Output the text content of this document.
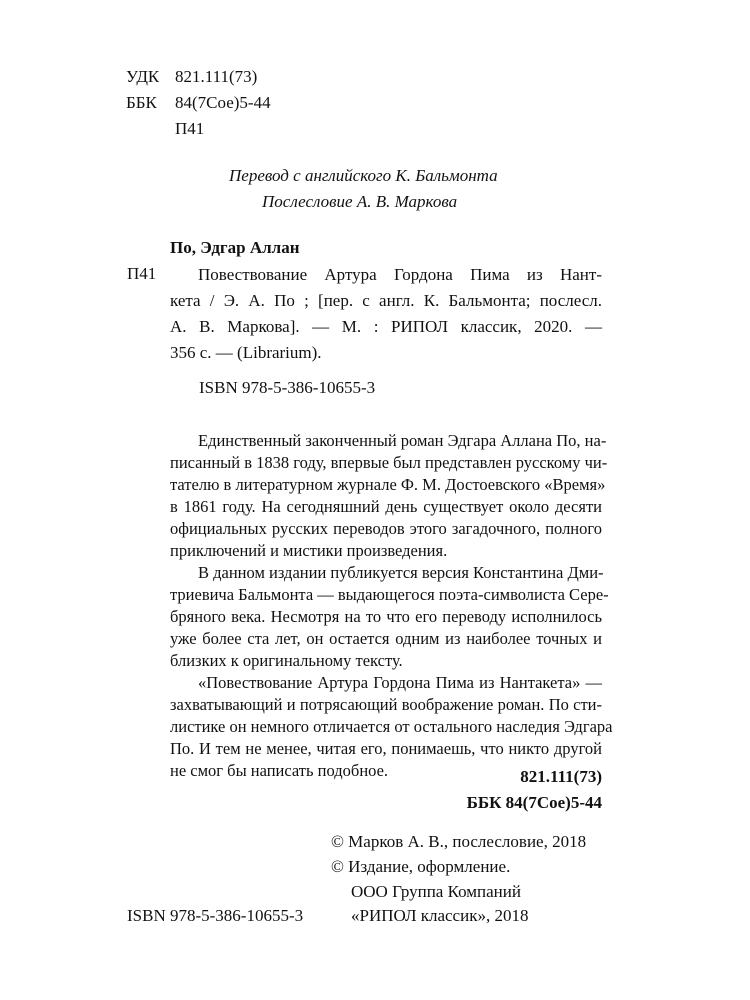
УДК 821.111(73)
ББК 84(7Сое)5-44
П41
Перевод с английского К. Бальмонта
Послесловие А. В. Маркова
По, Эдгар Аллан
П41	Повествование Артура Гордона Пима из Нант-
кета / Э. А. По ; [пер. с англ. К. Бальмонта; послесл.
А. В. Маркова]. — М. : РИПОЛ классик, 2020. —
356 с. — (Librarium).
ISBN 978-5-386-10655-3
Единственный законченный роман Эдгара Аллана По, на-
писанный в 1838 году, впервые был представлен русскому чи-
тателю в литературном журнале Ф. М. Достоевского «Время»
в 1861 году. На сегодняшний день существует около десяти
официальных русских переводов этого загадочного, полного
приключений и мистики произведения.
В данном издании публикуется версия Константина Дми-
триевича Бальмонта — выдающегося поэта-символиста Сере-
бряного века. Несмотря на то что его переводу исполнилось
уже более ста лет, он остается одним из наиболее точных и
близких к оригинальному тексту.
«Повествование Артура Гордона Пима из Нантакета» —
захватывающий и потрясающий воображение роман. По сти-
листике он немного отличается от остального наследия Эдгара
По. И тем не менее, читая его, понимаешь, что никто другой
не смог бы написать подобное.	821.111(73)
ББК 84(7Сое)5-44
© Марков А. В., послесловие, 2018
© Издание, оформление.
ООО Группа Компаний
«РИПОЛ классик», 2018
ISBN 978-5-386-10655-3
